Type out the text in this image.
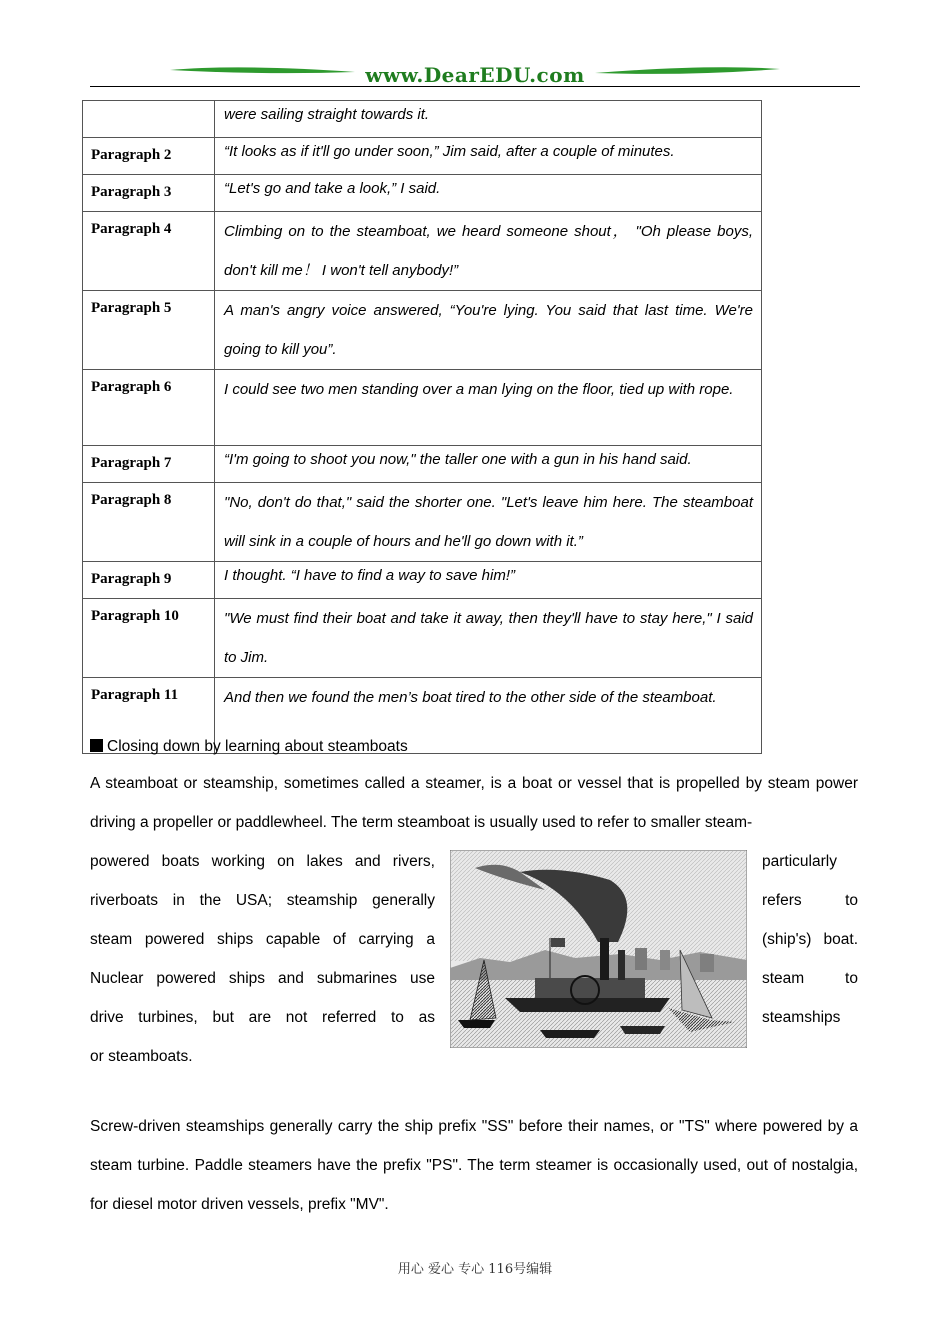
www.DearEDU.com
	were sailing straight towards it.
Paragraph 2	“It looks as if it'll go under soon,” Jim said, after a couple of minutes.
Paragraph 3	“Let's go and take a look,” I said.
Paragraph 4	Climbing on to the steamboat, we heard someone shout， "Oh please boys, don't kill me！ I won't tell anybody!”
Paragraph 5	A man's angry voice answered, “You're lying. You said that last time. We're going to kill you”.
Paragraph 6	I could see two men standing over a man lying on the floor, tied up with rope.
Paragraph 7	“I'm going to shoot you now," the taller one with a gun in his hand said.
Paragraph 8	"No, don't do that," said the shorter one. "Let's leave him here. The steamboat will sink in a couple of hours and he'll go down with it.”
Paragraph 9	I thought. “I have to find a way to save him!”
Paragraph 10	"We must find their boat and take it away, then they'll have to stay here," I said to Jim.
Paragraph 11	And then we found the men’s boat tired to the other side of the steamboat.
Closing down by learning about steamboats
A steamboat or steamship, sometimes called a steamer, is a boat or vessel that is propelled by steam power driving a propeller or paddlewheel. The term steamboat is usually used to refer to smaller steam-
powered boats working on lakes and rivers,
riverboats in the USA; steamship generally
steam powered ships capable of carrying a
Nuclear powered ships and submarines use
drive turbines, but are not referred to as
particularly
refers to
(ship's) boat.
steam to
steamships
or steamboats.
Screw-driven steamships generally carry the ship prefix "SS" before their names, or "TS" where powered by a steam turbine. Paddle steamers have the prefix "PS". The term steamer is occasionally used, out of nostalgia, for diesel motor driven vessels, prefix "MV".
用心 爱心 专心 116号编辑
